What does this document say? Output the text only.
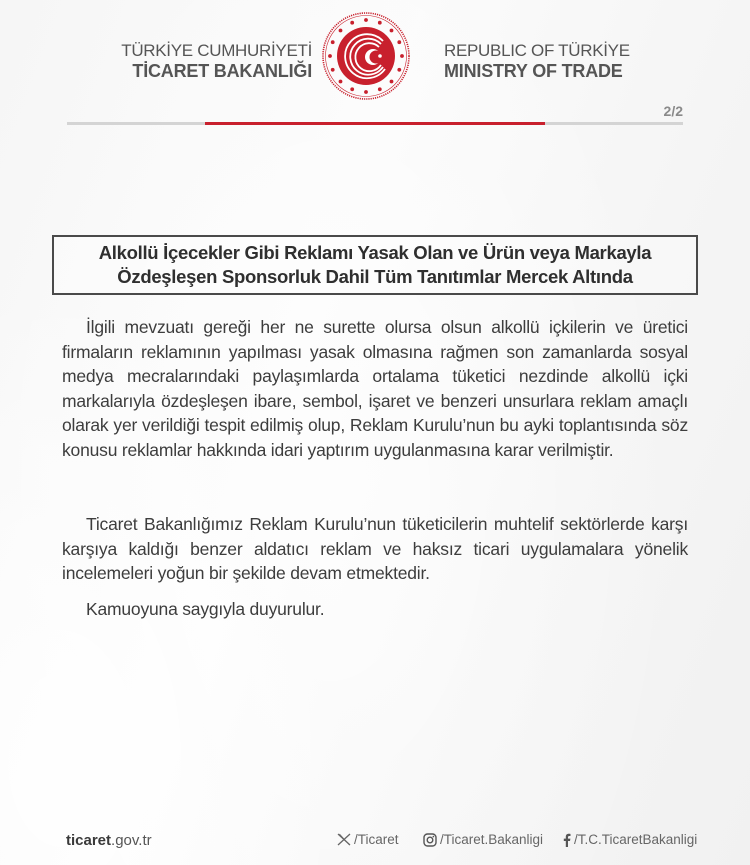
TÜRKİYE CUMHURİYETİ
TİCARET BAKANLIĞI
REPUBLIC OF TÜRKİYE
MINISTRY OF TRADE
2/2
Alkollü İçecekler Gibi Reklamı Yasak Olan ve Ürün veya Markayla
Özdeşleşen Sponsorluk Dahil Tüm Tanıtımlar Mercek Altında

İlgili mevzuatı gereği her ne surette olursa olsun alkollü içkilerin ve üretici firmaların reklamının yapılması yasak olmasına rağmen son zamanlarda sosyal medya mecralarındaki paylaşımlarda ortalama tüketici nezdinde alkollü içki markalarıyla özdeşleşen ibare, sembol, işaret ve benzeri unsurlara reklam amaçlı olarak yer verildiği tespit edilmiş olup, Reklam Kurulu’nun bu ayki toplantısında söz konusu reklamlar hakkında idari yaptırım uygulanmasına karar verilmiştir.

Ticaret Bakanlığımız Reklam Kurulu’nun tüketicilerin muhtelif sektörlerde karşı karşıya kaldığı benzer aldatıcı reklam ve haksız ticari uygulamalara yönelik incelemeleri yoğun bir şekilde devam etmektedir.

Kamuoyuna saygıyla duyurulur.

ticaret.gov.tr	/Ticaret	/Ticaret.Bakanligi /T.C.TicaretBakanligi
